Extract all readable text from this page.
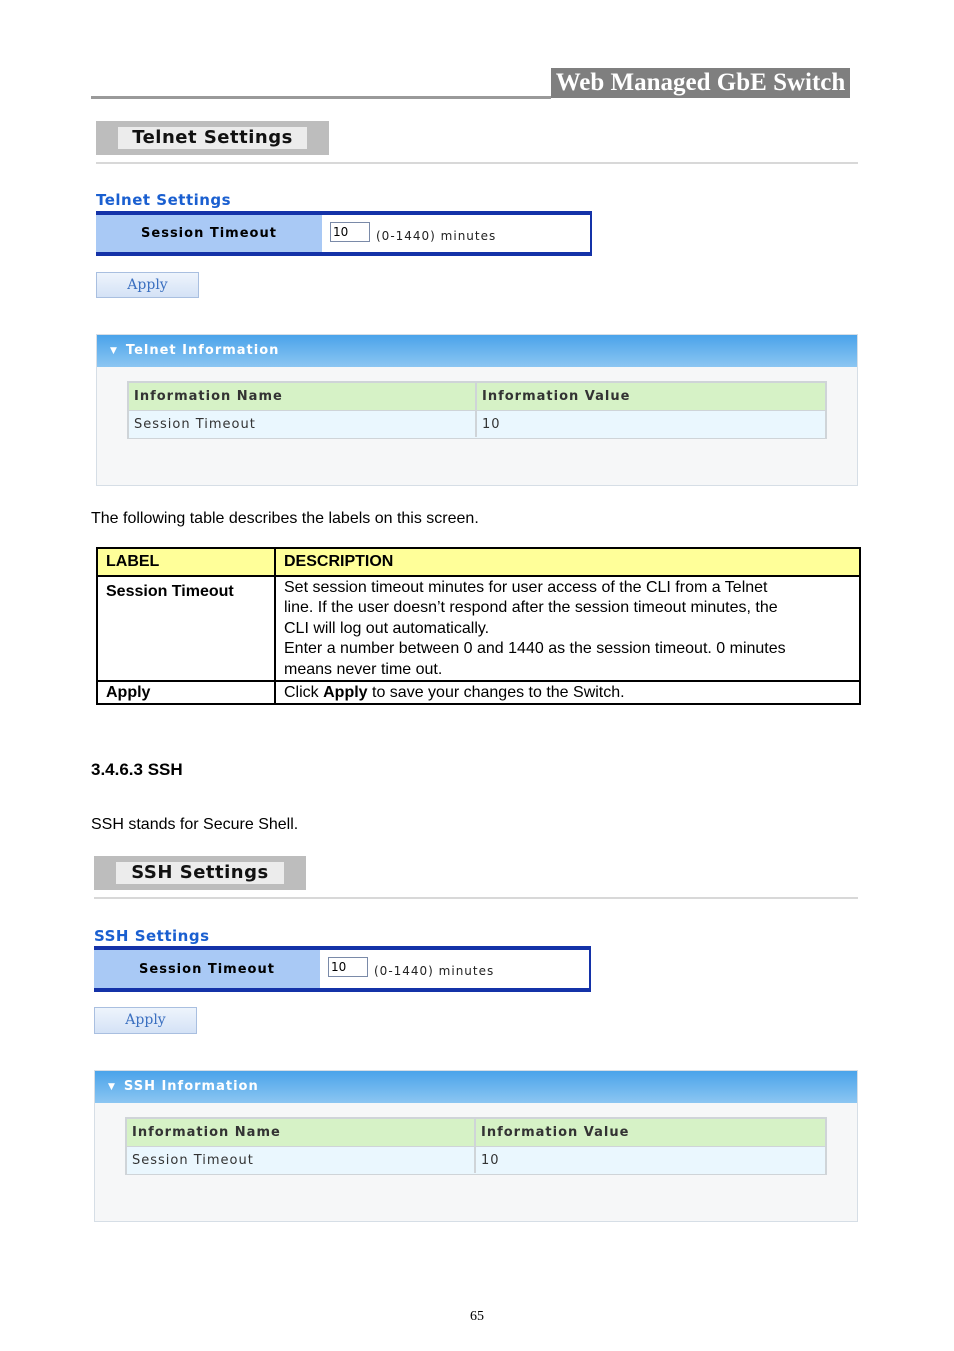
Web Managed GbE Switch
Telnet Settings
Telnet Settings
Session Timeout	10	(0-1440) minutes
Apply
▼ Telnet Information
Information Name	Information Value
Session Timeout	10
The following table describes the labels on this screen.
LABEL	DESCRIPTION
Session Timeout	Set session timeout minutes for user access of the CLI from a Telnet
line. If the user doesn’t respond after the session timeout minutes, the
CLI will log out automatically.
Enter a number between 0 and 1440 as the session timeout. 0 minutes
means never time out.

Apply	Click Apply to save your changes to the Switch.
3.4.6.3 SSH
SSH stands for Secure Shell.
SSH Settings
SSH Settings
Session Timeout	10	(0-1440) minutes
Apply
▼ SSH Information
Information Name	Information Value
Session Timeout	10
65
